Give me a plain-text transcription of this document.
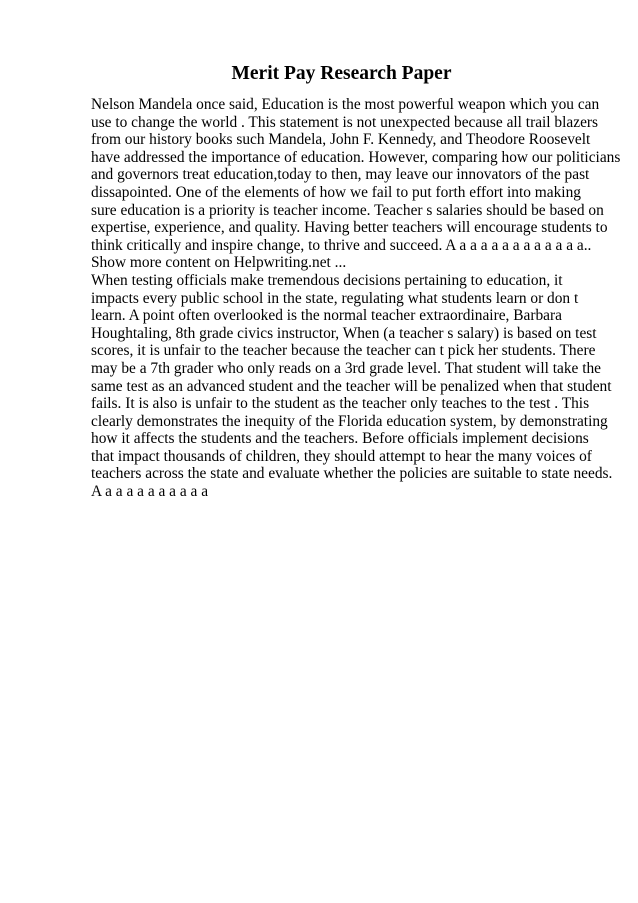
Merit Pay Research Paper
Nelson Mandela once said, Education is the most powerful weapon which you can
use to change the world . This statement is not unexpected because all trail blazers
from our history books such Mandela, John F. Kennedy, and Theodore Roosevelt
have addressed the importance of education. However, comparing how our politicians
and governors treat education,today to then, may leave our innovators of the past
dissapointed. One of the elements of how we fail to put forth effort into making
sure education is a priority is teacher income. Teacher s salaries should be based on
expertise, experience, and quality. Having better teachers will encourage students to
think critically and inspire change, to thrive and succeed. A a a a a a a a a a a a a..
Show more content on Helpwriting.net ...
When testing officials make tremendous decisions pertaining to education, it
impacts every public school in the state, regulating what students learn or don t
learn. A point often overlooked is the normal teacher extraordinaire, Barbara
Houghtaling, 8th grade civics instructor, When (a teacher s salary) is based on test
scores, it is unfair to the teacher because the teacher can t pick her students. There
may be a 7th grader who only reads on a 3rd grade level. That student will take the
same test as an advanced student and the teacher will be penalized when that student
fails. It is also is unfair to the student as the teacher only teaches to the test . This
clearly demonstrates the inequity of the Florida education system, by demonstrating
how it affects the students and the teachers. Before officials implement decisions
that impact thousands of children, they should attempt to hear the many voices of
teachers across the state and evaluate whether the policies are suitable to state needs.
A a a a a a a a a a a
